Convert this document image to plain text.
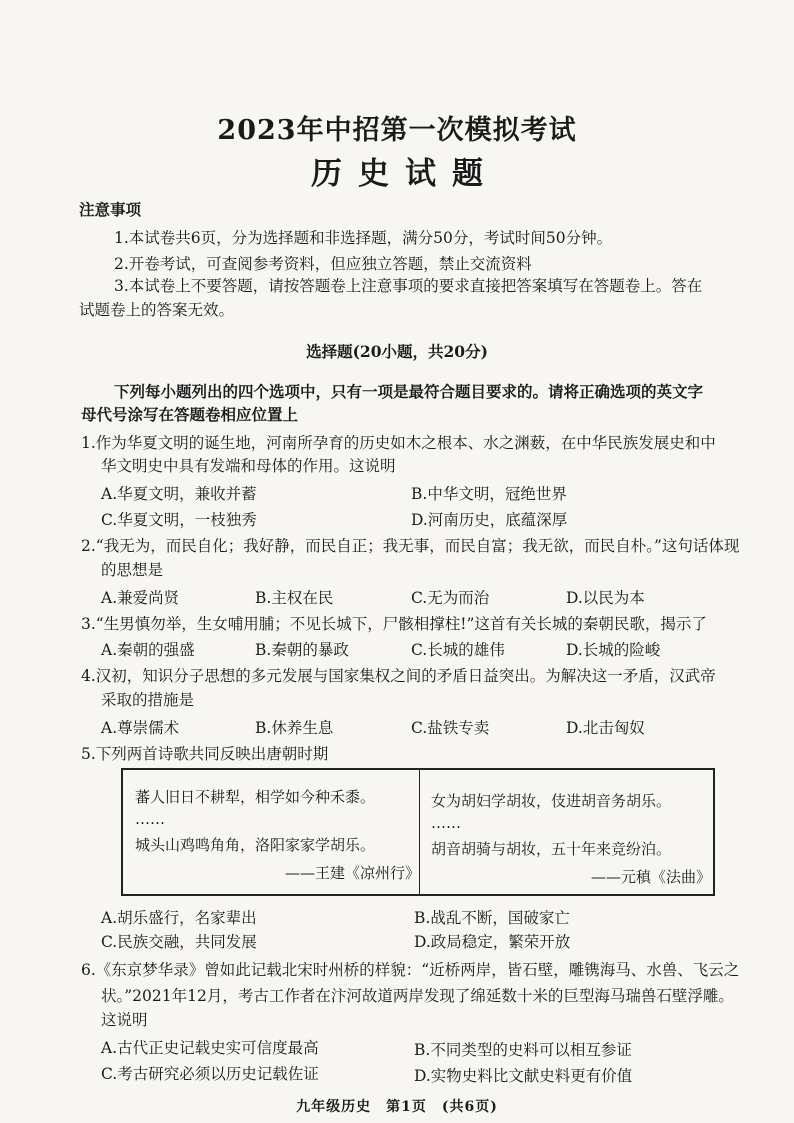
2023年中招第一次模拟考试
历史试题
注意事项
1.本试卷共6页，分为选择题和非选择题，满分50分，考试时间50分钟。
2.开卷考试，可查阅参考资料，但应独立答题，禁止交流资料
3.本试卷上不要答题，请按答题卷上注意事项的要求直接把答案填写在答题卷上。答在
试题卷上的答案无效。
选择题(20小题，共20分)
下列每小题列出的四个选项中，只有一项是最符合题目要求的。请将正确选项的英文字
母代号涂写在答题卷相应位置上
1.作为华夏文明的诞生地，河南所孕育的历史如木之根本、水之渊薮，在中华民族发展史和中
华文明史中具有发端和母体的作用。这说明
A.华夏文明，兼收并蓄	B.中华文明，冠绝世界
C.华夏文明，一枝独秀	D.河南历史，底蕴深厚
2.“我无为，而民自化；我好静，而民自正；我无事，而民自富；我无欲，而民自朴。”这句话体现
的思想是
A.兼爱尚贤	B.主权在民	C.无为而治	D.以民为本
3.“生男慎勿举，生女哺用脯；不见长城下，尸骸相撑柱!”这首有关长城的秦朝民歌，揭示了
A.秦朝的强盛	B.秦朝的暴政	C.长城的雄伟	D.长城的险峻
4.汉初，知识分子思想的多元发展与国家集权之间的矛盾日益突出。为解决这一矛盾，汉武帝
采取的措施是
A.尊崇儒术	B.休养生息	C.盐铁专卖	D.北击匈奴
5.下列两首诗歌共同反映出唐朝时期
蕃人旧日不耕犁，相学如今种禾黍。
……
城头山鸡鸣角角，洛阳家家学胡乐。
——王建《凉州行》
女为胡妇学胡妆，伎进胡音务胡乐。
……
胡音胡骑与胡妆，五十年来竞纷泊。
——元稹《法曲》
A.胡乐盛行，名家辈出	B.战乱不断，国破家亡
C.民族交融，共同发展	D.政局稳定，繁荣开放
6.《东京梦华录》曾如此记载北宋时州桥的样貌：“近桥两岸，皆石壁，雕镌海马、水兽、飞云之
状。”2021年12月，考古工作者在汴河故道两岸发现了绵延数十米的巨型海马瑞兽石壁浮雕。
这说明
A.古代正史记载史实可信度最高	B.不同类型的史料可以相互参证
C.考古研究必须以历史记载佐证	D.实物史料比文献史料更有价值
九年级历史　第1页　(共6页)
